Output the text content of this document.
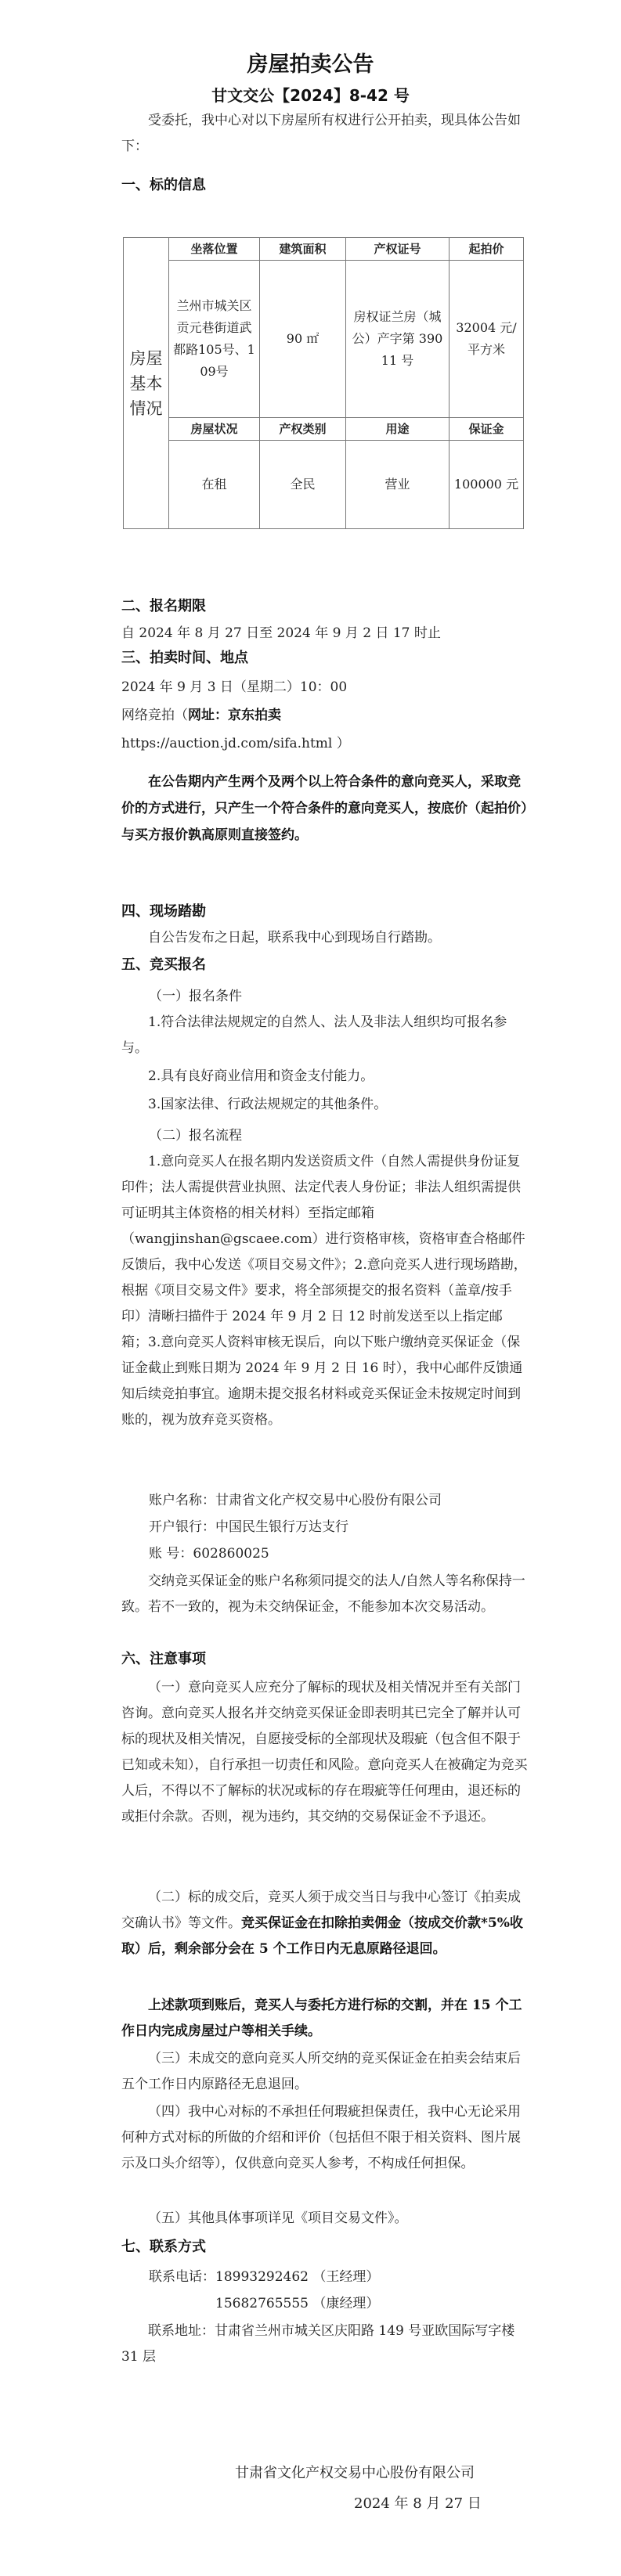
房屋拍卖公告
甘文交公【2024】8-42 号

受委托，我中心对以下房屋所有权进行公开拍卖，现具体公告如下：

一、标的信息
房屋基本情况	坐落位置	建筑面积	产权证号	起拍价
	兰州市城关区贡元巷街道武都路105号、109号	90 ㎡	房权证兰房（城公）产字第 39011 号	32004 元/平方米
	房屋状况	产权类别	用途	保证金
	在租	全民	营业	100000 元
二、报名期限
自 2024 年 8 月 27 日至 2024 年 9 月 2 日 17 时止
三、拍卖时间、地点
2024 年 9 月 3 日（星期二）10：00
网络竞拍（网址：京东拍卖
https://auction.jd.com/sifa.html ）

在公告期内产生两个及两个以上符合条件的意向竞买人，采取竞价的方式进行，只产生一个符合条件的意向竞买人，按底价（起拍价）与买方报价孰高原则直接签约。

四、现场踏勘

自公告发布之日起，联系我中心到现场自行踏勘。

五、竞买报名
（一）报名条件

1.符合法律法规规定的自然人、法人及非法人组织均可报名参与。

2.具有良好商业信用和资金支付能力。

3.国家法律、行政法规规定的其他条件。

（二）报名流程

1.意向竞买人在报名期内发送资质文件（自然人需提供身份证复印件；法人需提供营业执照、法定代表人身份证；非法人组织需提供可证明其主体资格的相关材料）至指定邮箱（wangjinshan@gscaee.com）进行资格审核，资格审查合格邮件反馈后，我中心发送《项目交易文件》；2.意向竞买人进行现场踏勘，根据《项目交易文件》要求，将全部须提交的报名资料（盖章/按手印）清晰扫描件于 2024 年 9 月 2 日 12 时前发送至以上指定邮箱；3.意向竞买人资料审核无误后，向以下账户缴纳竞买保证金（保证金截止到账日期为 2024 年 9 月 2 日 16 时），我中心邮件反馈通知后续竞拍事宜。逾期未提交报名材料或竞买保证金未按规定时间到账的，视为放弃竞买资格。

账户名称：甘肃省文化产权交易中心股份有限公司
开户银行：中国民生银行万达支行
账 号：602860025

交纳竞买保证金的账户名称须同提交的法人/自然人等名称保持一致。若不一致的，视为未交纳保证金，不能参加本次交易活动。

六、注意事项

（一）意向竞买人应充分了解标的现状及相关情况并至有关部门咨询。意向竞买人报名并交纳竞买保证金即表明其已完全了解并认可标的现状及相关情况，自愿接受标的全部现状及瑕疵（包含但不限于已知或未知），自行承担一切责任和风险。意向竞买人在被确定为竞买人后，不得以不了解标的状况或标的存在瑕疵等任何理由，退还标的或拒付余款。否则，视为违约，其交纳的交易保证金不予退还。

（二）标的成交后，竞买人须于成交当日与我中心签订《拍卖成交确认书》等文件。竞买保证金在扣除拍卖佣金（按成交价款*5%收取）后，剩余部分会在 5 个工作日内无息原路径退回。

上述款项到账后，竞买人与委托方进行标的交割，并在 15 个工作日内完成房屋过户等相关手续。

（三）未成交的意向竞买人所交纳的竞买保证金在拍卖会结束后五个工作日内原路径无息退回。

（四）我中心对标的不承担任何瑕疵担保责任，我中心无论采用何种方式对标的所做的介绍和评价（包括但不限于相关资料、图片展示及口头介绍等），仅供意向竞买人参考，不构成任何担保。

（五）其他具体事项详见《项目交易文件》。

七、联系方式
联系电话：18993292462 （王经理）
15682765555 （康经理）

联系地址：甘肃省兰州市城关区庆阳路 149 号亚欧国际写字楼 31 层

甘肃省文化产权交易中心股份有限公司
2024 年 8 月 27 日
